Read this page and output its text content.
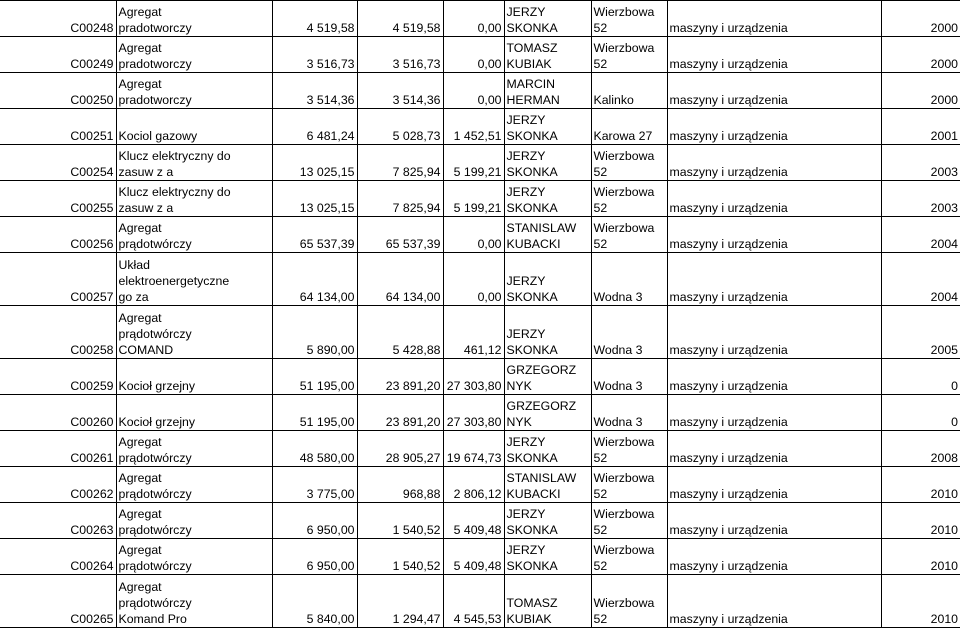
C00248	Agregat
pradotworczy	4 519,58	4 519,58	0,00	JERZY
SKONKA	Wierzbowa
52	maszyny i urządzenia	2000

C00249	Agregat
pradotworczy	3 516,73	3 516,73	0,00	TOMASZ
KUBIAK	Wierzbowa
52	maszyny i urządzenia	2000

C00250	Agregat
pradotworczy	3 514,36	3 514,36	0,00	MARCIN
HERMAN	Kalinko	maszyny i urządzenia	2000

C00251	Kociol gazowy	6 481,24	5 028,73	1 452,51	JERZY
SKONKA	Karowa 27	maszyny i urządzenia	2001

C00254	Klucz elektryczny do
zasuw z a	13 025,15	7 825,94	5 199,21	JERZY
SKONKA	Wierzbowa
52	maszyny i urządzenia	2003

C00255	Klucz elektryczny do
zasuw z a	13 025,15	7 825,94	5 199,21	JERZY
SKONKA	Wierzbowa
52	maszyny i urządzenia	2003

C00256	Agregat
prądotwórczy	65 537,39	65 537,39	0,00	STANISLAW
KUBACKI	Wierzbowa
52	maszyny i urządzenia	2004

C00257	Układ
elektroenergetyczne
go za	64 134,00	64 134,00	0,00	JERZY
SKONKA	Wodna 3	maszyny i urządzenia	2004

C00258	Agregat
prądotwórczy
COMAND	5 890,00	5 428,88	461,12	JERZY
SKONKA	Wodna 3	maszyny i urządzenia	2005

C00259	Kocioł grzejny	51 195,00	23 891,20	27 303,80	GRZEGORZ
NYK	Wodna 3	maszyny i urządzenia	0

C00260	Kocioł grzejny	51 195,00	23 891,20	27 303,80	GRZEGORZ
NYK	Wodna 3	maszyny i urządzenia	0

C00261	Agregat
prądotwórczy	48 580,00	28 905,27	19 674,73	JERZY
SKONKA	Wierzbowa
52	maszyny i urządzenia	2008

C00262	Agregat
prądotwórczy	3 775,00	968,88	2 806,12	STANISLAW
KUBACKI	Wierzbowa
52	maszyny i urządzenia	2010

C00263	Agregat
prądotwórczy	6 950,00	1 540,52	5 409,48	JERZY
SKONKA	Wierzbowa
52	maszyny i urządzenia	2010

C00264	Agregat
prądotwórczy	6 950,00	1 540,52	5 409,48	JERZY
SKONKA	Wierzbowa
52	maszyny i urządzenia	2010

C00265	Agregat
prądotwórczy
Komand Pro	5 840,00	1 294,47	4 545,53	TOMASZ
KUBIAK	Wierzbowa
52	maszyny i urządzenia	2010
